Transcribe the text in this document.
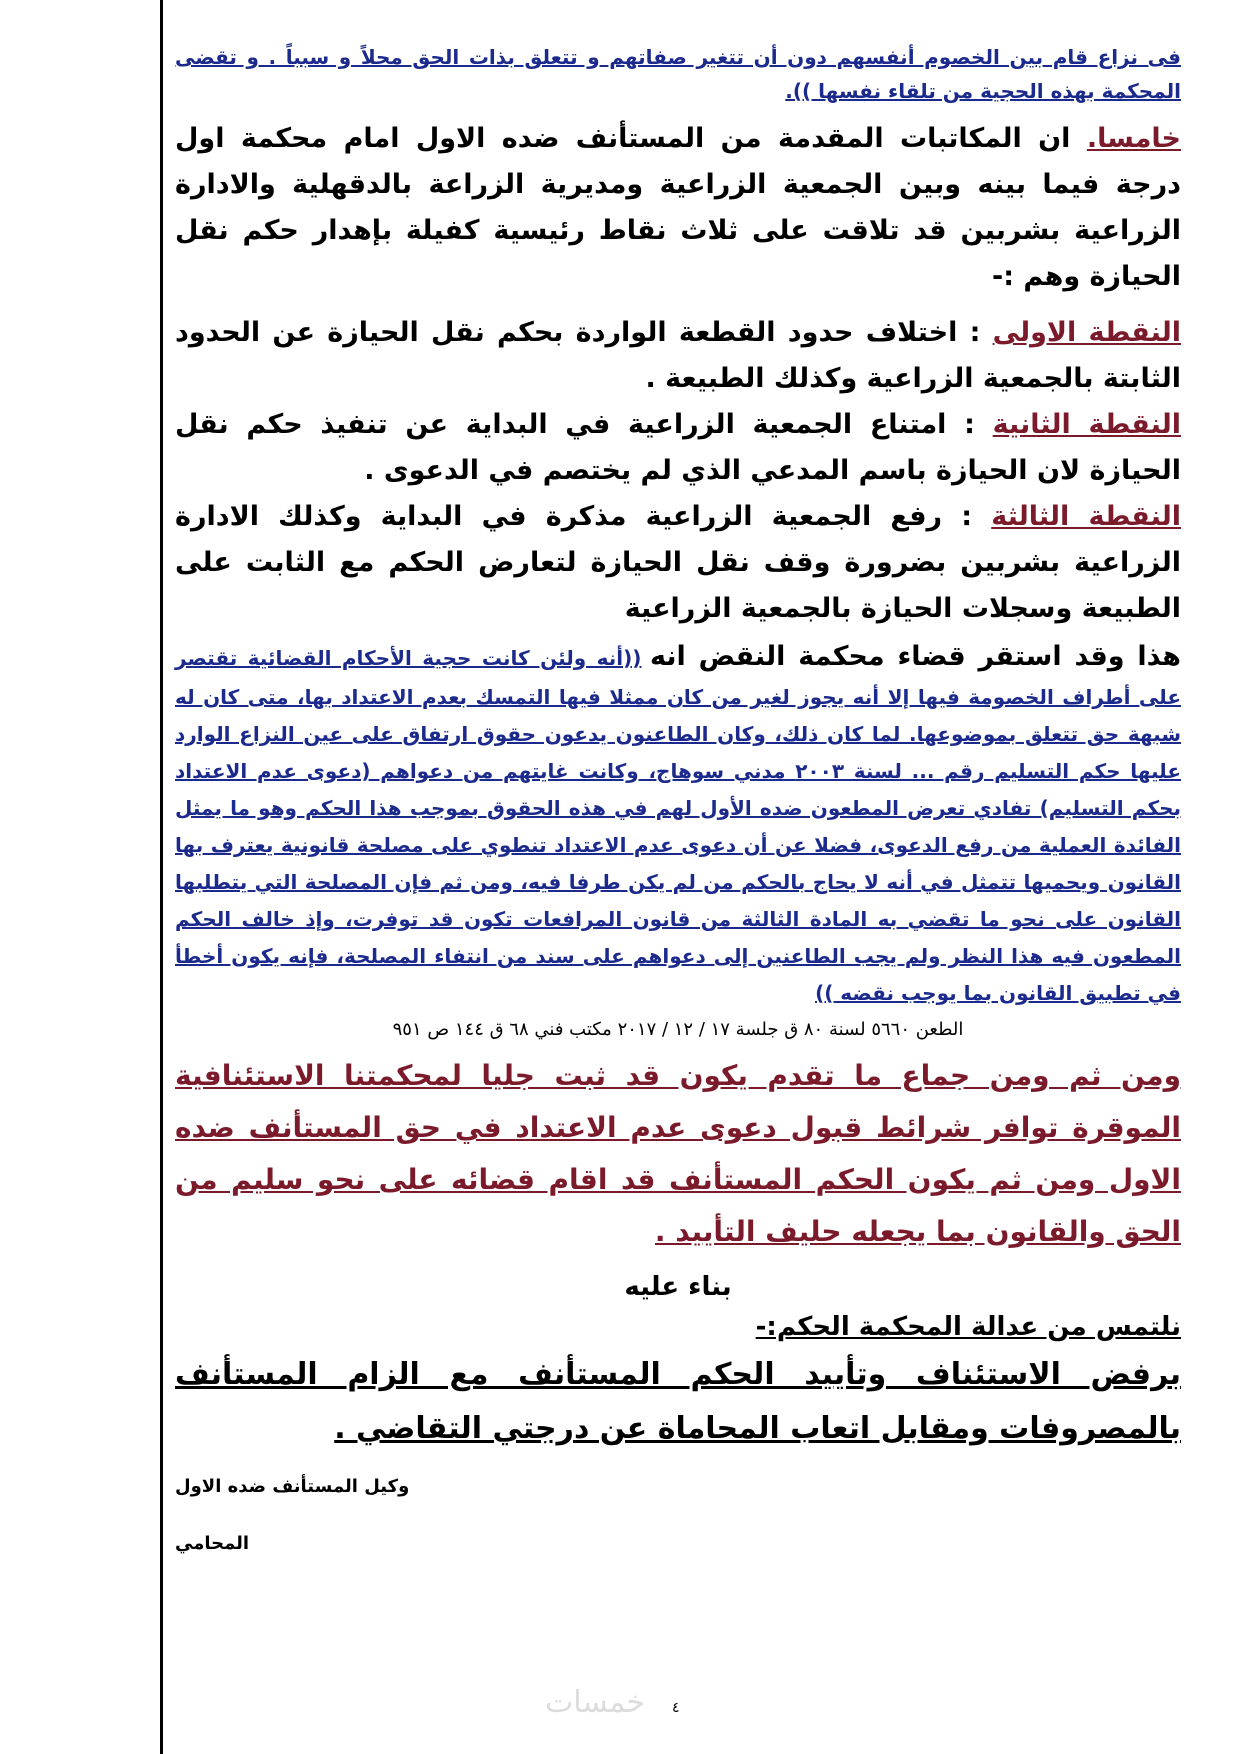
فى نزاع قام بين الخصوم أنفسهم دون أن تتغير صفاتهم و تتعلق بذات الحق محلاً و سبباً . و تقضى المحكمة بهذه الحجية من تلقاء نفسها )).

خامسا. ان المكاتبات المقدمة من المستأنف ضده الاول امام محكمة اول درجة فيما بينه وبين الجمعية الزراعية ومديرية الزراعة بالدقهلية والادارة الزراعية بشربين قد تلاقت على ثلاث نقاط رئيسية كفيلة بإهدار حكم نقل الحيازة وهم :-

النقطة الاولى : اختلاف حدود القطعة الواردة بحكم نقل الحيازة عن الحدود الثابتة بالجمعية الزراعية وكذلك الطبيعة .

النقطة الثانية : امتناع الجمعية الزراعية في البداية عن تنفيذ حكم نقل الحيازة لان الحيازة باسم المدعي الذي لم يختصم في الدعوى .

النقطة الثالثة : رفع الجمعية الزراعية مذكرة في البداية وكذلك الادارة الزراعية بشربين بضرورة وقف نقل الحيازة لتعارض الحكم مع الثابت على الطبيعة وسجلات الحيازة بالجمعية الزراعية

هذا وقد استقر قضاء محكمة النقض انه ((أنه ولئن كانت حجية الأحكام القضائية تقتصر على أطراف الخصومة فيها إلا أنه يجوز لغير من كان ممثلا فيها التمسك بعدم الاعتداد بها، متى كان له شبهة حق تتعلق بموضوعها. لما كان ذلك، وكان الطاعنون يدعون حقوق ارتفاق على عين النزاع الوارد عليها حكم التسليم رقم ... لسنة ٢٠٠٣ مدني سوهاج، وكانت غايتهم من دعواهم (دعوى عدم الاعتداد بحكم التسليم) تفادي تعرض المطعون ضده الأول لهم في هذه الحقوق بموجب هذا الحكم وهو ما يمثل الفائدة العملية من رفع الدعوى، فضلا عن أن دعوى عدم الاعتداد تنطوي على مصلحة قانونية يعترف بها القانون ويحميها تتمثل في أنه لا يحاج بالحكم من لم يكن طرفا فيه، ومن ثم فإن المصلحة التي يتطلبها القانون على نحو ما تقضي به المادة الثالثة من قانون المرافعات تكون قد توفرت، وإذ خالف الحكم المطعون فيه هذا النظر ولم يجب الطاعنين إلى دعواهم على سند من انتفاء المصلحة، فإنه يكون أخطأ في تطبيق القانون بما يوجب نقضه ))

الطعن ٥٦٦٠ لسنة ٨٠ ق جلسة ١٧ / ١٢ / ٢٠١٧ مكتب فني ٦٨ ق ١٤٤ ص ٩٥١

ومن ثم ومن جماع ما تقدم يكون قد ثبت جليا لمحكمتنا الاستئنافية الموقرة توافر شرائط قبول دعوى عدم الاعتداد في حق المستأنف ضده الاول ومن ثم يكون الحكم المستأنف قد اقام قضائه على نحو سليم من الحق والقانون بما يجعله حليف التأييد .

بناء عليه
نلتمس من عدالة المحكمة الحكم:-

برفض الاستئناف وتأييد الحكم المستأنف مع الزام المستأنف بالمصروفات ومقابل اتعاب المحاماة عن درجتي التقاضي .

وكيل المستأنف ضده الاول
المحامي
خمسات ٤
